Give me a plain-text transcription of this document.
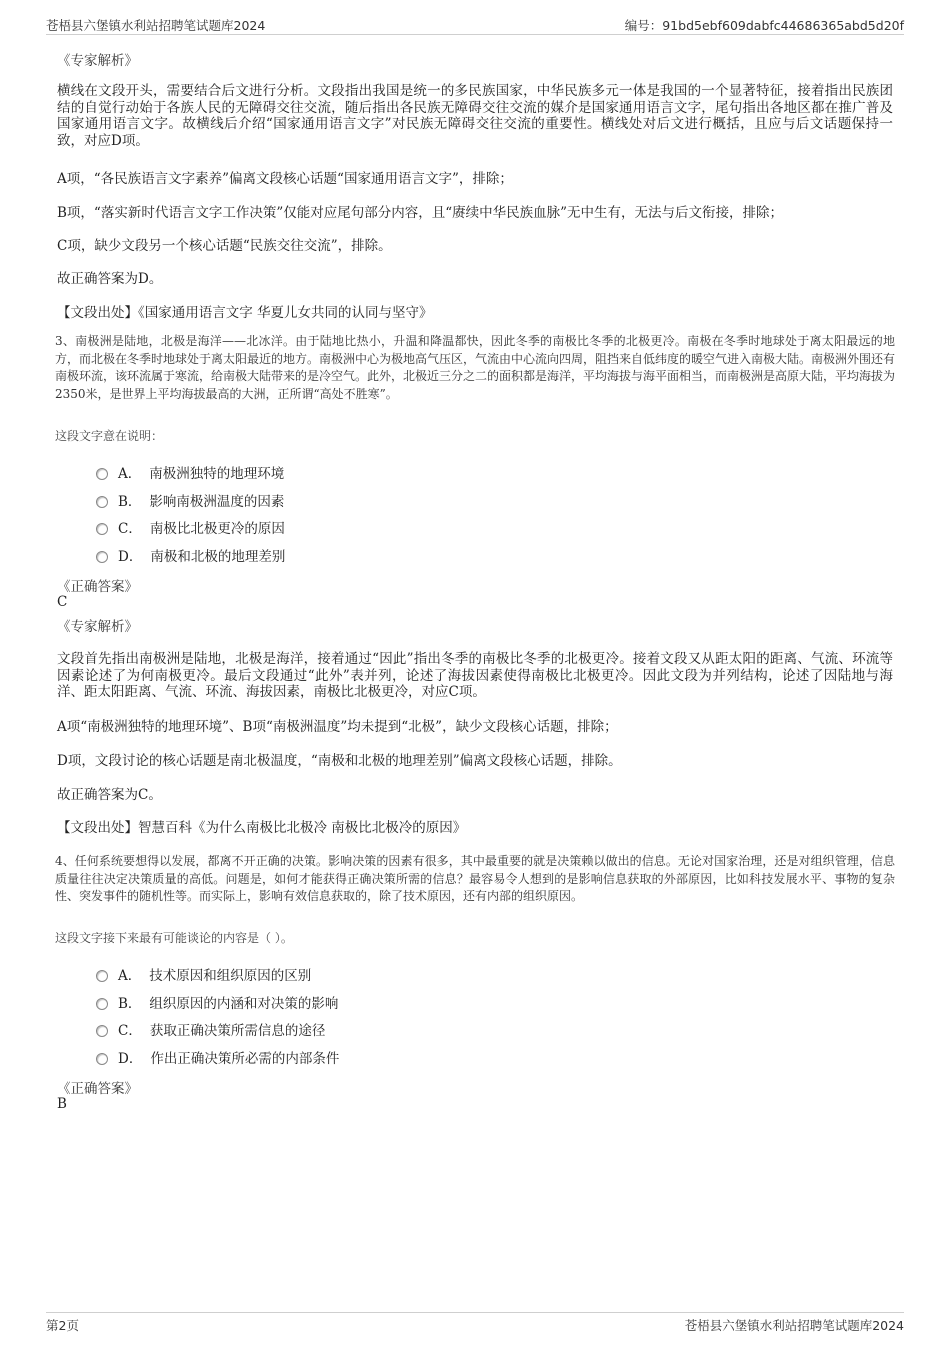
苍梧县六堡镇水利站招聘笔试题库2024	编号：91bd5ebf609dabfc44686365abd5d20f
《专家解析》
横线在文段开头，需要结合后文进行分析。文段指出我国是统一的多民族国家，中华民族多元一体是我国的一个显著特征，接着指出民族团结的自觉行动始于各族人民的无障碍交往交流，随后指出各民族无障碍交往交流的媒介是国家通用语言文字，尾句指出各地区都在推广普及国家通用语言文字。故横线后介绍“国家通用语言文字”对民族无障碍交往交流的重要性。横线处对后文进行概括，且应与后文话题保持一致，对应D项。
A项，“各民族语言文字素养”偏离文段核心话题“国家通用语言文字”，排除；
B项，“落实新时代语言文字工作决策”仅能对应尾句部分内容，且“赓续中华民族血脉”无中生有，无法与后文衔接，排除；
C项，缺少文段另一个核心话题“民族交往交流”，排除。
故正确答案为D。
【文段出处】《国家通用语言文字 华夏儿女共同的认同与坚守》
3、南极洲是陆地，北极是海洋——北冰洋。由于陆地比热小，升温和降温都快，因此冬季的南极比冬季的北极更冷。南极在冬季时地球处于离太阳最远的地方，而北极在冬季时地球处于离太阳最近的地方。南极洲中心为极地高气压区，气流由中心流向四周，阻挡来自低纬度的暖空气进入南极大陆。南极洲外围还有南极环流，该环流属于寒流，给南极大陆带来的是冷空气。此外，北极近三分之二的面积都是海洋，平均海拔与海平面相当，而南极洲是高原大陆，平均海拔为2350米，是世界上平均海拔最高的大洲，正所谓“高处不胜寒”。
这段文字意在说明：
A． 南极洲独特的地理环境
B． 影响南极洲温度的因素
C． 南极比北极更冷的原因
D． 南极和北极的地理差别
《正确答案》
C
《专家解析》
文段首先指出南极洲是陆地，北极是海洋，接着通过“因此”指出冬季的南极比冬季的北极更冷。接着文段又从距太阳的距离、气流、环流等因素论述了为何南极更冷。最后文段通过“此外”表并列，论述了海拔因素使得南极比北极更冷。因此文段为并列结构，论述了因陆地与海洋、距太阳距离、气流、环流、海拔因素，南极比北极更冷，对应C项。
A项“南极洲独特的地理环境”、B项“南极洲温度”均未提到“北极”，缺少文段核心话题，排除；
D项，文段讨论的核心话题是南北极温度，“南极和北极的地理差别”偏离文段核心话题，排除。
故正确答案为C。
【文段出处】智慧百科《为什么南极比北极冷 南极比北极冷的原因》
4、任何系统要想得以发展，都离不开正确的决策。影响决策的因素有很多，其中最重要的就是决策赖以做出的信息。无论对国家治理，还是对组织管理，信息质量往往决定决策质量的高低。问题是，如何才能获得正确决策所需的信息？最容易令人想到的是影响信息获取的外部原因，比如科技发展水平、事物的复杂性、突发事件的随机性等。而实际上，影响有效信息获取的，除了技术原因，还有内部的组织原因。
这段文字接下来最有可能谈论的内容是（ ）。
A． 技术原因和组织原因的区别
B． 组织原因的内涵和对决策的影响
C． 获取正确决策所需信息的途径
D． 作出正确决策所必需的内部条件
《正确答案》
B
第2页	苍梧县六堡镇水利站招聘笔试题库2024
